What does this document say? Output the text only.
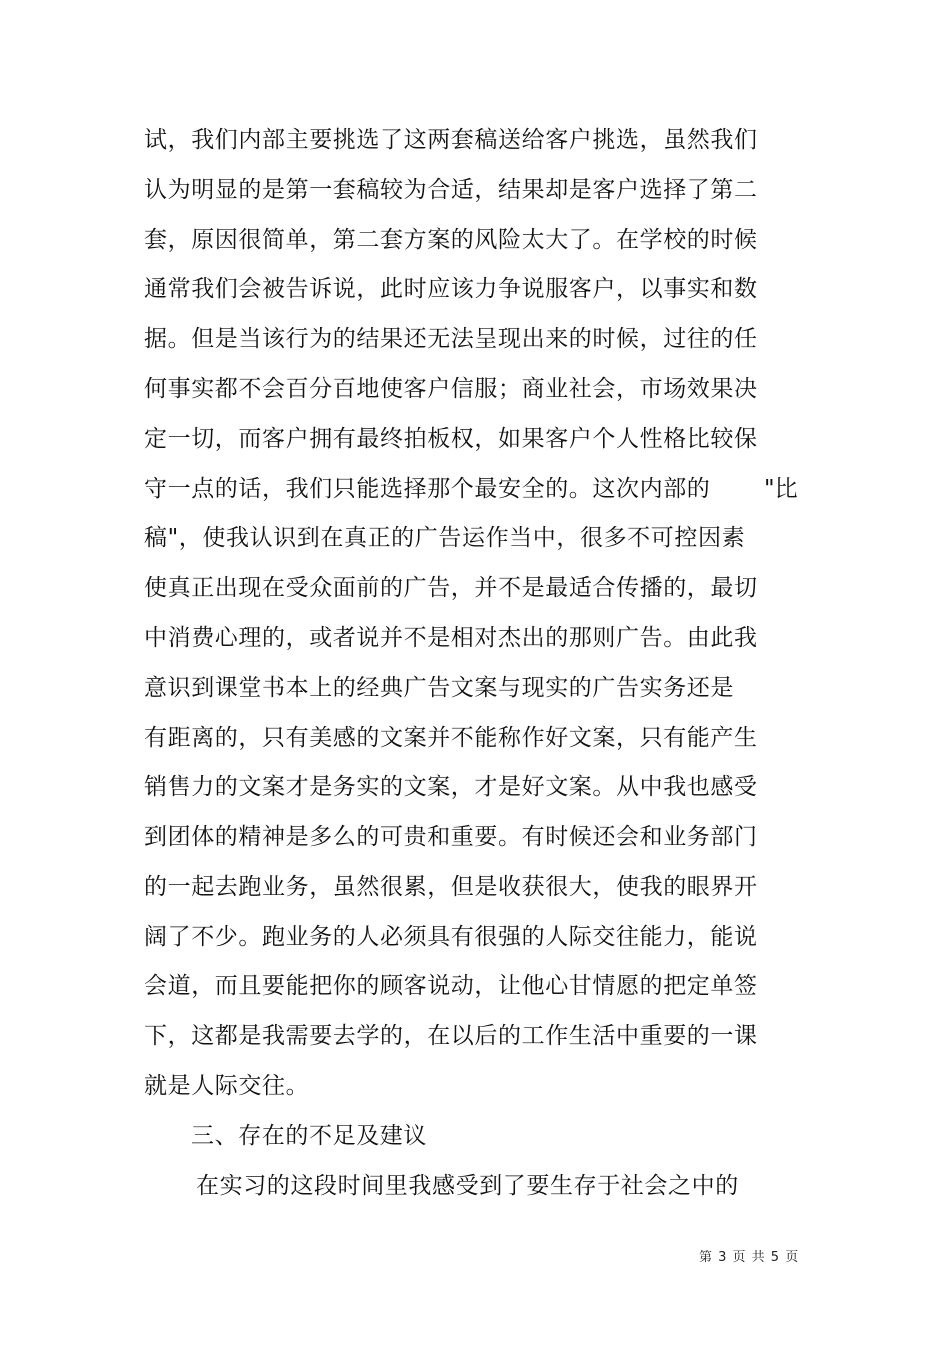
试，我们内部主要挑选了这两套稿送给客户挑选，虽然我们
认为明显的是第一套稿较为合适，结果却是客户选择了第二
套，原因很简单，第二套方案的风险太大了。在学校的时候
通常我们会被告诉说，此时应该力争说服客户，以事实和数
据。但是当该行为的结果还无法呈现出来的时候，过往的任
何事实都不会百分百地使客户信服；商业社会，市场效果决
定一切，而客户拥有最终拍板权，如果客户个人性格比较保
守一点的话，我们只能选择那个最安全的。这次内部的 "比
稿"，使我认识到在真正的广告运作当中，很多不可控因素
使真正出现在受众面前的广告，并不是最适合传播的，最切
中消费心理的，或者说并不是相对杰出的那则广告。由此我
意识到课堂书本上的经典广告文案与现实的广告实务还是
有距离的，只有美感的文案并不能称作好文案，只有能产生
销售力的文案才是务实的文案，才是好文案。从中我也感受
到团体的精神是多么的可贵和重要。有时候还会和业务部门
的一起去跑业务，虽然很累，但是收获很大，使我的眼界开
阔了不少。跑业务的人必须具有很强的人际交往能力，能说
会道，而且要能把你的顾客说动，让他心甘情愿的把定单签
下，这都是我需要去学的，在以后的工作生活中重要的一课
就是人际交往。
三、存在的不足及建议
在实习的这段时间里我感受到了要生存于社会之中的
第 3 页 共 5 页
